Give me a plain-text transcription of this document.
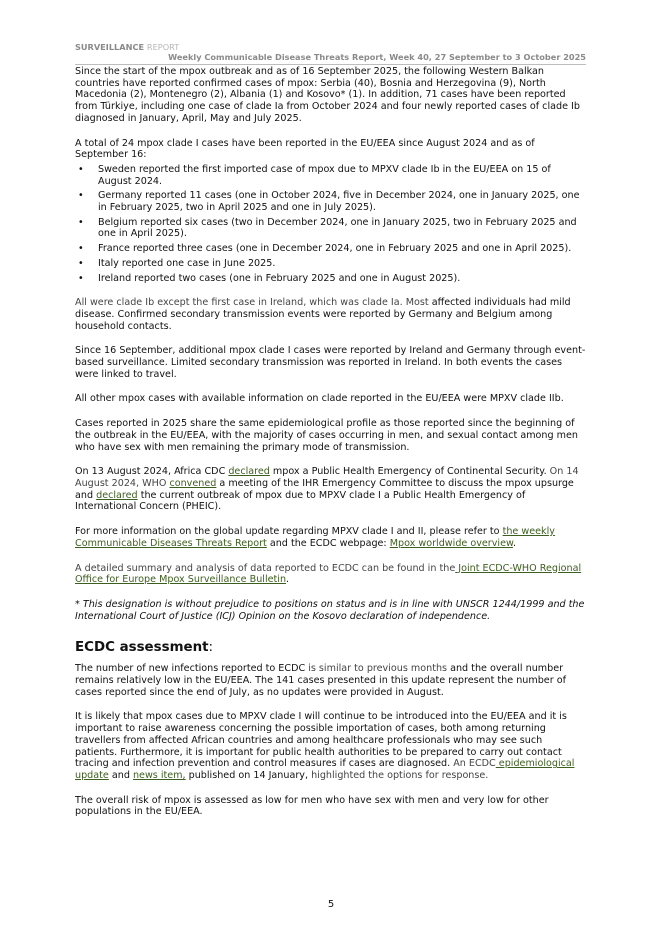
SURVEILLANCE REPORT
Weekly Communicable Disease Threats Report, Week 40, 27 September to 3 October 2025

Since the start of the mpox outbreak and as of 16 September 2025, the following Western Balkan countries have reported confirmed cases of mpox: Serbia (40), Bosnia and Herzegovina (9), North Macedonia (2), Montenegro (2), Albania (1) and Kosovo* (1). In addition, 71 cases have been reported from Türkiye, including one case of clade Ia from October 2024 and four newly reported cases of clade Ib diagnosed in January, April, May and July 2025.

A total of 24 mpox clade I cases have been reported in the EU/EEA since August 2024 and as of September 16:

• Sweden reported the first imported case of mpox due to MPXV clade Ib in the EU/EEA on 15 of August 2024.
• Germany reported 11 cases (one in October 2024, five in December 2024, one in January 2025, one in February 2025, two in April 2025 and one in July 2025).
• Belgium reported six cases (two in December 2024, one in January 2025, two in February 2025 and one in April 2025).
• France reported three cases (one in December 2024, one in February 2025 and one in April 2025).
• Italy reported one case in June 2025.
• Ireland reported two cases (one in February 2025 and one in August 2025).

All were clade Ib except the first case in Ireland, which was clade Ia. Most affected individuals had mild disease. Confirmed secondary transmission events were reported by Germany and Belgium among household contacts.

Since 16 September, additional mpox clade I cases were reported by Ireland and Germany through event-based surveillance. Limited secondary transmission was reported in Ireland. In both events the cases were linked to travel.

All other mpox cases with available information on clade reported in the EU/EEA were MPXV clade IIb.

Cases reported in 2025 share the same epidemiological profile as those reported since the beginning of the outbreak in the EU/EEA, with the majority of cases occurring in men, and sexual contact among men who have sex with men remaining the primary mode of transmission.

On 13 August 2024, Africa CDC declared mpox a Public Health Emergency of Continental Security. On 14 August 2024, WHO convened a meeting of the IHR Emergency Committee to discuss the mpox upsurge and declared the current outbreak of mpox due to MPXV clade I a Public Health Emergency of International Concern (PHEIC).

For more information on the global update regarding MPXV clade I and II, please refer to the weekly Communicable Diseases Threats Report and the ECDC webpage: Mpox worldwide overview.

A detailed summary and analysis of data reported to ECDC can be found in the Joint ECDC-WHO Regional Office for Europe Mpox Surveillance Bulletin.

* This designation is without prejudice to positions on status and is in line with UNSCR 1244/1999 and the International Court of Justice (ICJ) Opinion on the Kosovo declaration of independence.

ECDC assessment:

The number of new infections reported to ECDC is similar to previous months and the overall number remains relatively low in the EU/EEA. The 141 cases presented in this update represent the number of cases reported since the end of July, as no updates were provided in August.

It is likely that mpox cases due to MPXV clade I will continue to be introduced into the EU/EEA and it is important to raise awareness concerning the possible importation of cases, both among returning travellers from affected African countries and among healthcare professionals who may see such patients. Furthermore, it is important for public health authorities to be prepared to carry out contact tracing and infection prevention and control measures if cases are diagnosed. An ECDC epidemiological update and news item, published on 14 January, highlighted the options for response.

The overall risk of mpox is assessed as low for men who have sex with men and very low for other populations in the EU/EEA.

5
